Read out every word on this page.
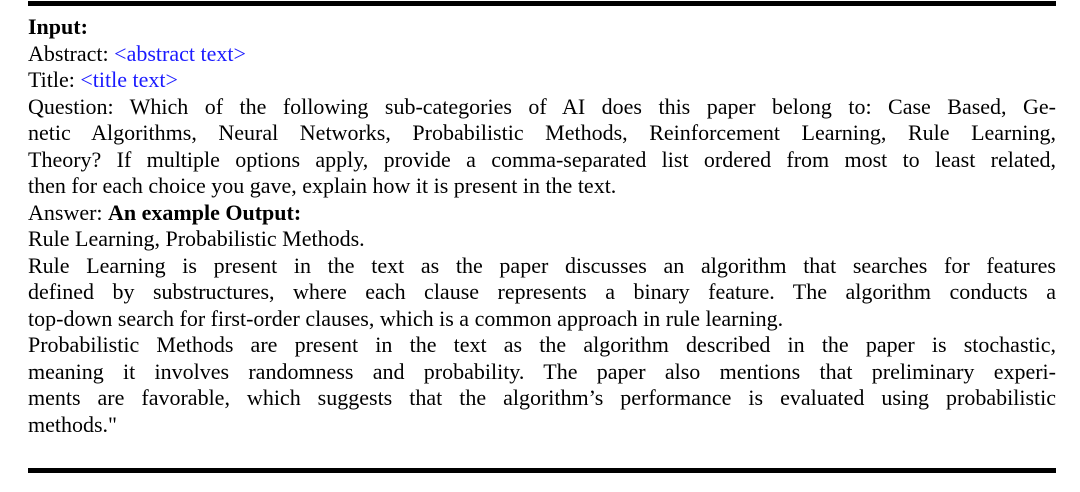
Input:
Abstract: <abstract text>
Title: <title text>
Question: Which of the following sub-categories of AI does this paper belong to: Case Based, Ge-
netic Algorithms, Neural Networks, Probabilistic Methods, Reinforcement Learning, Rule Learning,
Theory? If multiple options apply, provide a comma-separated list ordered from most to least related,
then for each choice you gave, explain how it is present in the text.
Answer: An example Output:
Rule Learning, Probabilistic Methods.
Rule Learning is present in the text as the paper discusses an algorithm that searches for features
defined by substructures, where each clause represents a binary feature. The algorithm conducts a
top-down search for first-order clauses, which is a common approach in rule learning.
Probabilistic Methods are present in the text as the algorithm described in the paper is stochastic,
meaning it involves randomness and probability. The paper also mentions that preliminary experi-
ments are favorable, which suggests that the algorithm’s performance is evaluated using probabilistic
methods."
